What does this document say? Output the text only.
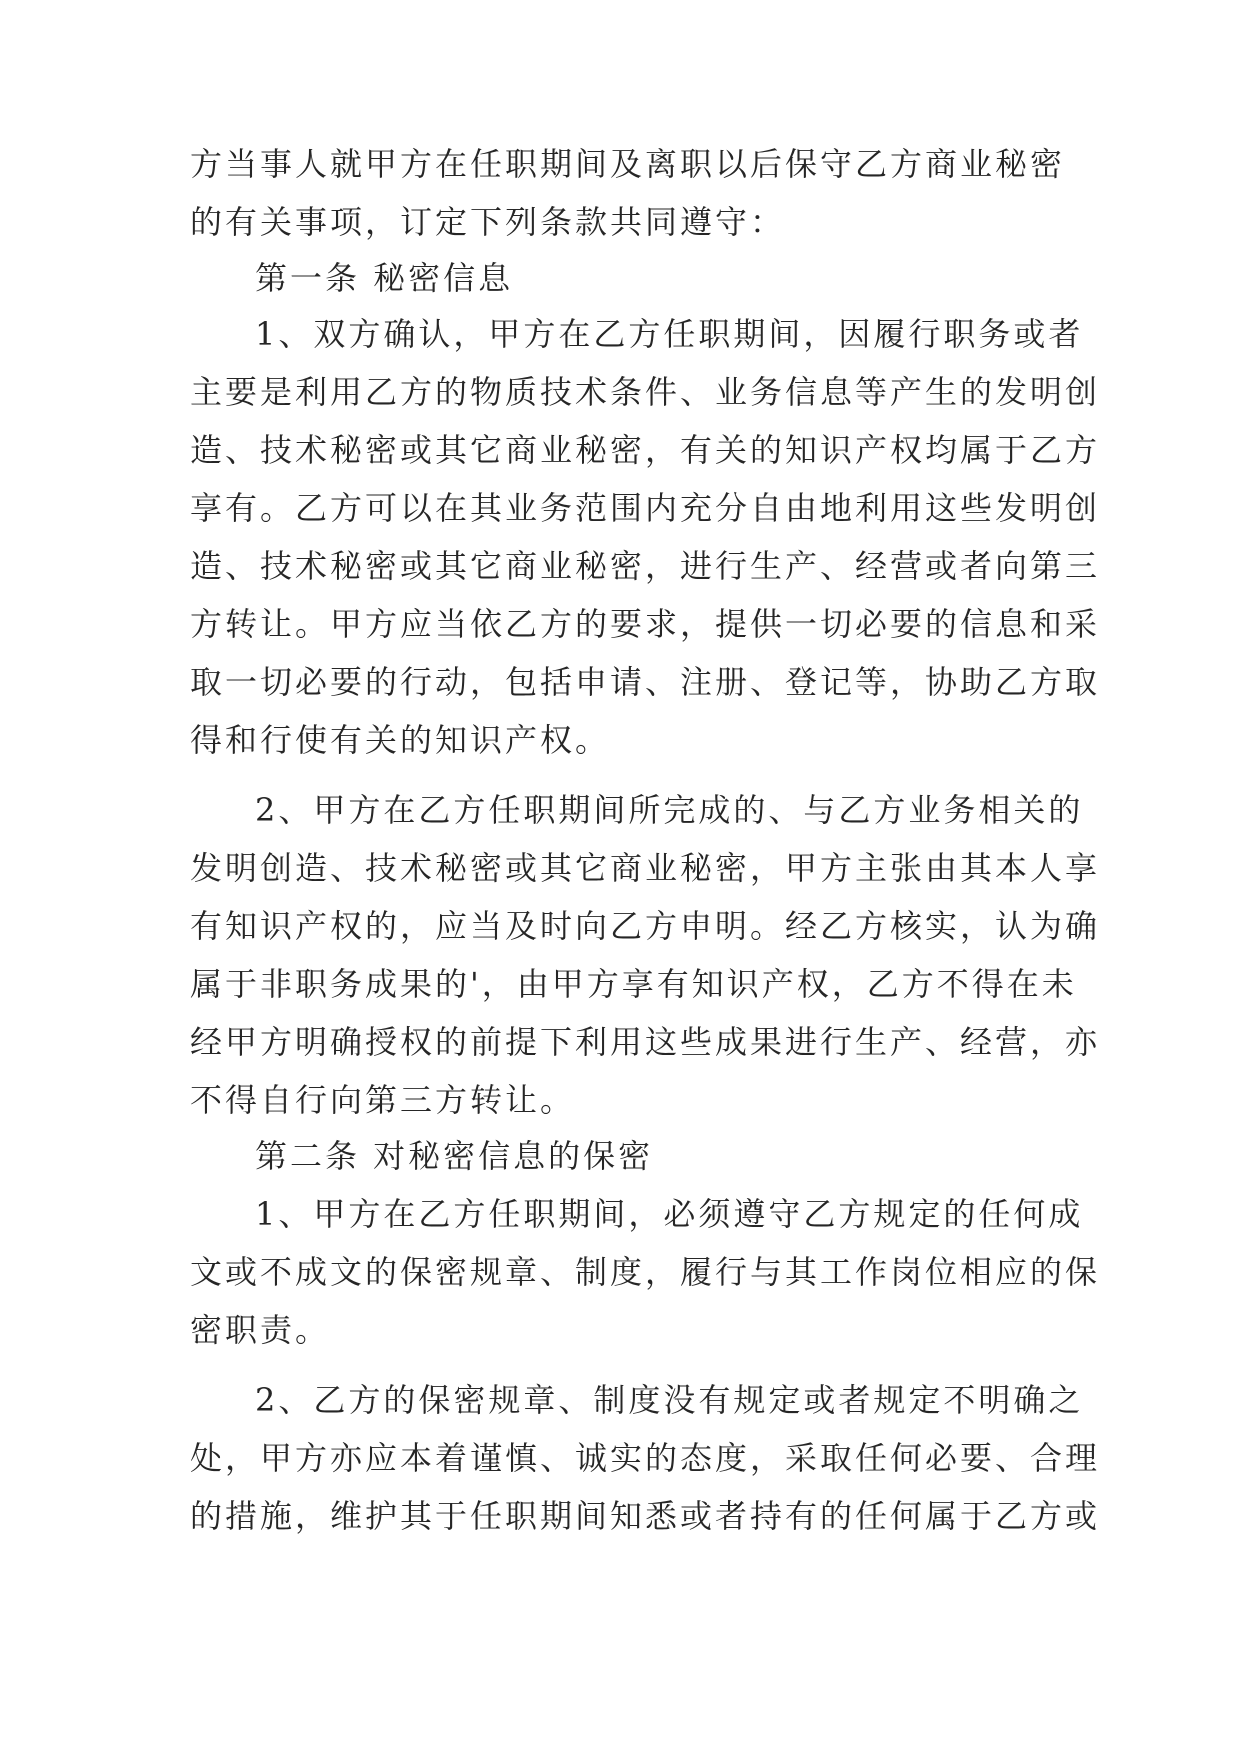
方当事人就甲方在任职期间及离职以后保守乙方商业秘密
的有关事项，订定下列条款共同遵守：
第一条 秘密信息
1、双方确认，甲方在乙方任职期间，因履行职务或者
主要是利用乙方的物质技术条件、业务信息等产生的发明创
造、技术秘密或其它商业秘密，有关的知识产权均属于乙方
享有。乙方可以在其业务范围内充分自由地利用这些发明创
造、技术秘密或其它商业秘密，进行生产、经营或者向第三
方转让。甲方应当依乙方的要求，提供一切必要的信息和采
取一切必要的行动，包括申请、注册、登记等，协助乙方取
得和行使有关的知识产权。
2、甲方在乙方任职期间所完成的、与乙方业务相关的
发明创造、技术秘密或其它商业秘密，甲方主张由其本人享
有知识产权的，应当及时向乙方申明。经乙方核实，认为确
属于非职务成果的'，由甲方享有知识产权，乙方不得在未
经甲方明确授权的前提下利用这些成果进行生产、经营，亦
不得自行向第三方转让。
第二条 对秘密信息的保密
1、甲方在乙方任职期间，必须遵守乙方规定的任何成
文或不成文的保密规章、制度，履行与其工作岗位相应的保
密职责。
2、乙方的保密规章、制度没有规定或者规定不明确之
处，甲方亦应本着谨慎、诚实的态度，采取任何必要、合理
的措施，维护其于任职期间知悉或者持有的任何属于乙方或
